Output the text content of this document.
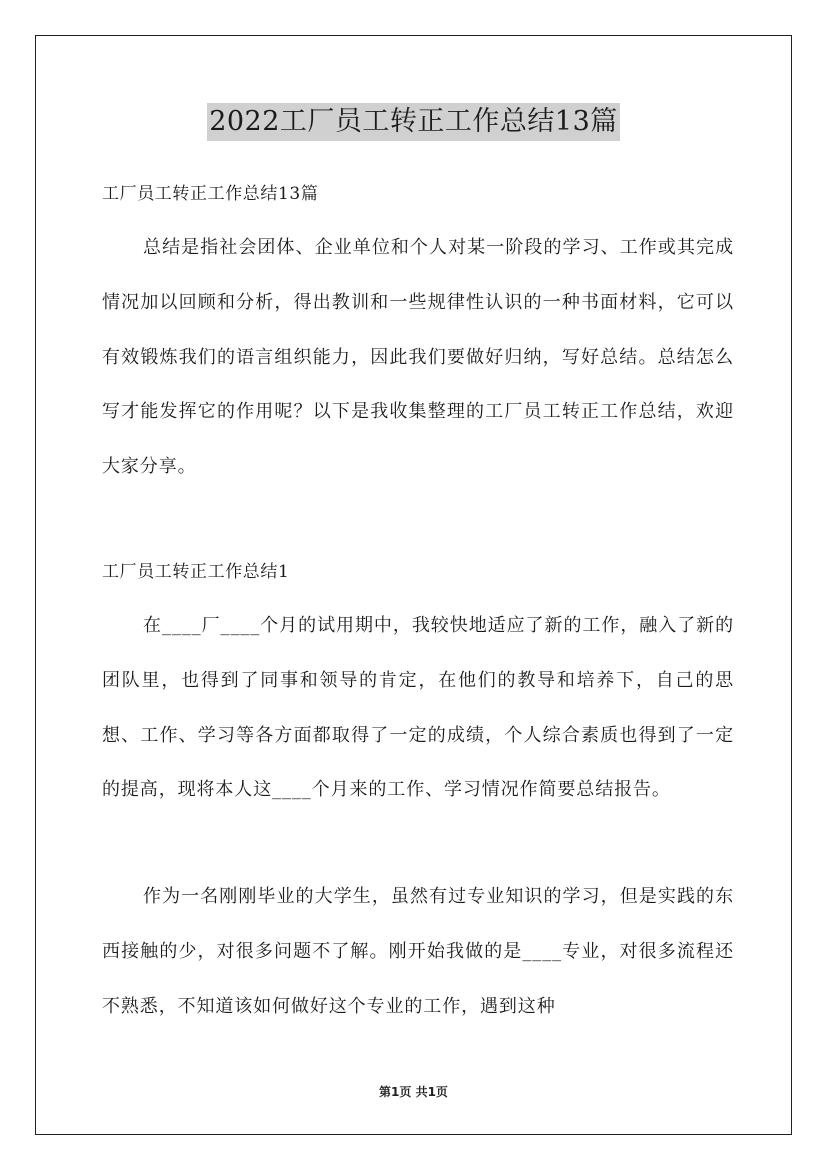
2022工厂员工转正工作总结13篇

工厂员工转正工作总结13篇

总结是指社会团体、企业单位和个人对某一阶段的学习、工作或其完成情况加以回顾和分析，得出教训和一些规律性认识的一种书面材料，它可以有效锻炼我们的语言组织能力，因此我们要做好归纳，写好总结。总结怎么写才能发挥它的作用呢？以下是我收集整理的工厂员工转正工作总结，欢迎大家分享。

工厂员工转正工作总结1

在____厂____个月的试用期中，我较快地适应了新的工作，融入了新的团队里，也得到了同事和领导的肯定，在他们的教导和培养下，自己的思想、工作、学习等各方面都取得了一定的成绩，个人综合素质也得到了一定的提高，现将本人这____个月来的工作、学习情况作简要总结报告。

作为一名刚刚毕业的大学生，虽然有过专业知识的学习，但是实践的东西接触的少，对很多问题不了解。刚开始我做的是____专业，对很多流程还不熟悉，不知道该如何做好这个专业的工作，遇到这种

第1页 共1页
